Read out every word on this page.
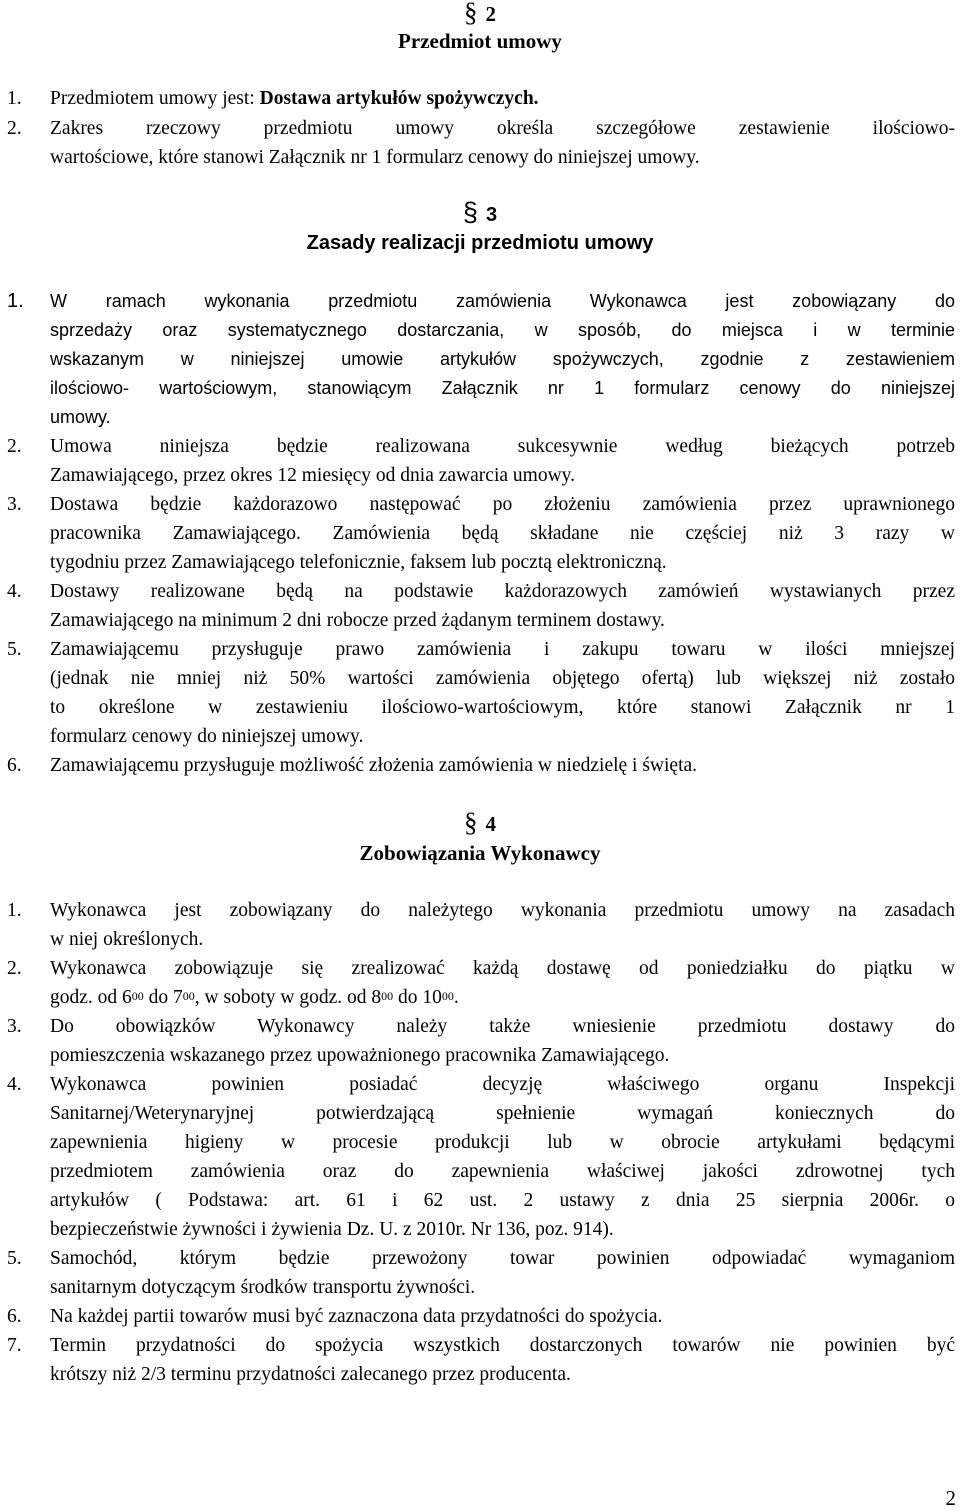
§ 2
Przedmiot umowy
1. Przedmiotem umowy jest: Dostawa artykułów spożywczych.
2. Zakres rzeczowy przedmiotu umowy określa szczegółowe zestawienie ilościowo-
wartościowe, które stanowi Załącznik nr 1 formularz cenowy do niniejszej umowy.
§ 3
Zasady realizacji przedmiotu umowy
1. W ramach wykonania przedmiotu zamówienia Wykonawca jest zobowiązany do
sprzedaży oraz systematycznego dostarczania, w sposób, do miejsca i w terminie
wskazanym w niniejszej umowie artykułów spożywczych, zgodnie z zestawieniem
ilościowo- wartościowym, stanowiącym Załącznik nr 1 formularz cenowy do niniejszej
umowy.
2. Umowa niniejsza będzie realizowana sukcesywnie według bieżących potrzeb
Zamawiającego, przez okres 12 miesięcy od dnia zawarcia umowy.
3. Dostawa będzie każdorazowo następować po złożeniu zamówienia przez uprawnionego
pracownika Zamawiającego. Zamówienia będą składane nie częściej niż 3 razy w
tygodniu przez Zamawiającego telefonicznie, faksem lub pocztą elektroniczną.
4. Dostawy realizowane będą na podstawie każdorazowych zamówień wystawianych przez
Zamawiającego na minimum 2 dni robocze przed żądanym terminem dostawy.
5. Zamawiającemu przysługuje prawo zamówienia i zakupu towaru w ilości mniejszej
(jednak nie mniej niż 50% wartości zamówienia objętego ofertą) lub większej niż zostało
to określone w zestawieniu ilościowo-wartościowym, które stanowi Załącznik nr 1
formularz cenowy do niniejszej umowy.
6. Zamawiającemu przysługuje możliwość złożenia zamówienia w niedzielę i święta.
§ 4
Zobowiązania Wykonawcy
1. Wykonawca jest zobowiązany do należytego wykonania przedmiotu umowy na zasadach
w niej określonych.
2. Wykonawca zobowiązuje się zrealizować każdą dostawę od poniedziałku do piątku w
godz. od $6^{00}$ do $7^{00}$, w soboty w godz. od $8^{00}$ do $10^{00}$.
3. Do obowiązków Wykonawcy należy także wniesienie przedmiotu dostawy do
pomieszczenia wskazanego przez upoważnionego pracownika Zamawiającego.
4. Wykonawca powinien posiadać decyzję właściwego organu Inspekcji
Sanitarnej/Weterynaryjnej potwierdzającą spełnienie wymagań koniecznych do
zapewnienia higieny w procesie produkcji lub w obrocie artykułami będącymi
przedmiotem zamówienia oraz do zapewnienia właściwej jakości zdrowotnej tych
artykułów ( Podstawa: art. 61 i 62 ust. 2 ustawy z dnia 25 sierpnia 2006r. o
bezpieczeństwie żywności i żywienia Dz. U. z 2010r. Nr 136, poz. 914).
5. Samochód, którym będzie przewożony towar powinien odpowiadać wymaganiom
sanitarnym dotyczącym środków transportu żywności.
6. Na każdej partii towarów musi być zaznaczona data przydatności do spożycia.
7. Termin przydatności do spożycia wszystkich dostarczonych towarów nie powinien być
krótszy niż 2/3 terminu przydatności zalecanego przez producenta.
2
